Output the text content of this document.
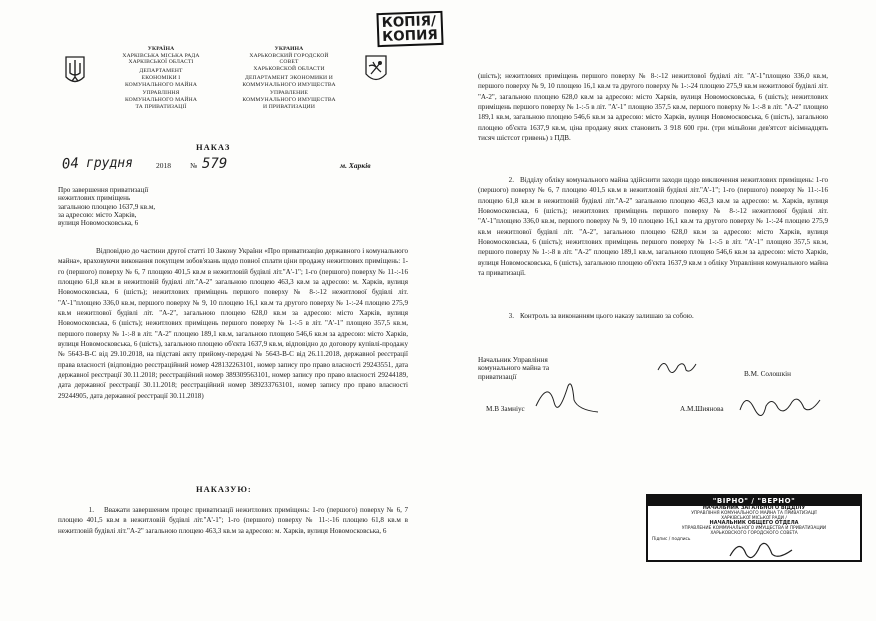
КОПІЯ/
КОПИЯ
УКРАЇНА
ХАРКІВСЬКА МІСЬКА РАДА
ХАРКІВСЬКОЇ ОБЛАСТІ
ДЕПАРТАМЕНТ
ЕКОНОМІКИ І
КОМУНАЛЬНОГО МАЙНА
УПРАВЛІННЯ
КОМУНАЛЬНОГО МАЙНА
ТА ПРИВАТИЗАЦІЇ
УКРАИНА
ХАРЬКОВСКИЙ ГОРОДСКОЙ
СОВЕТ
ХАРЬКОВСКОЙ ОБЛАСТИ
ДЕПАРТАМЕНТ ЭКОНОМИКИ И
КОММУНАЛЬНОГО ИМУЩЕСТВА
УПРАВЛЕНИЕ
КОММУНАЛЬНОГО ИМУЩЕСТВА
И ПРИВАТИЗАЦИИ
НАКАЗ
04 грудня	2018	№ 579	м. Харків
Про завершення приватизації
нежитлових приміщень
загальною площею 1637,9 кв.м,
за адресою: місто Харків,
вулиця Новомосковська, 6
Відповідно до частини другої статті 10 Закону України «Про приватизацію державного і комунального майна», враховуючи виконання покупцем зобов'язань щодо повної сплати ціни продажу нежитлових приміщень: 1-го (першого) поверху № 6, 7 площею 401,5 кв.м в нежитловій будівлі літ."А'-1"; 1-го (першого) поверху № 11-:-16 площею 61,8 кв.м в нежитловій будівлі літ."А-2" загальною площею 463,3 кв.м за адресою: м. Харків, вулиця Новомосковська, 6 (шість); нежитлових приміщень першого поверху № 8-:-12 нежитлової будівлі літ. "А'-1"площею 336,0 кв.м, першого поверху № 9, 10 площею 16,1 кв.м та другого поверху № 1-:-24 площею 275,9 кв.м нежитлової будівлі літ. "А-2", загальною площею 628,0 кв.м за адресою: місто Харків, вулиця Новомосковська, 6 (шість); нежитлових приміщень першого поверху № 1-:-5 в літ. "А'-1" площею 357,5 кв.м, першого поверху № 1-:-8 в літ. "А-2" площею 189,1 кв.м, загальною площею 546,6 кв.м за адресою: місто Харків, вулиця Новомосковська, 6 (шість), загальною площею об'єкта 1637,9 кв.м, відповідно до договору купівлі-продажу № 5643-В-С від 29.10.2018, на підставі акту прийому-передачі № 5643-В-С від 26.11.2018, державної реєстрації права власності (відповідно реєстраційний номер 428132263101, номер запису про право власності 29243551, дата державної реєстрації 30.11.2018; реєстраційний номер 389309563101, номер запису про право власності 29244189, дата державної реєстрації 30.11.2018; реєстраційний номер 389233763101, номер запису про право власності 29244905, дата державної реєстрації 30.11.2018)
НАКАЗУЮ:
1. Вважати завершеним процес приватизації нежитлових приміщень: 1-го (першого) поверху № 6, 7 площею 401,5 кв.м в нежитловій будівлі літ."А'-1"; 1-го (першого) поверху № 11-:-16 площею 61,8 кв.м в нежитловій будівлі літ."А-2" загальною площею 463,3 кв.м за адресою: м. Харків, вулиця Новомосковська, 6
(шість); нежитлових приміщень першого поверху № 8-:-12 нежитлової будівлі літ. "А'-1"площею 336,0 кв.м, першого поверху № 9, 10 площею 16,1 кв.м та другого поверху № 1-:-24 площею 275,9 кв.м нежитлової будівлі літ. "А-2", загальною площею 628,0 кв.м за адресою: місто Харків, вулиця Новомосковська, 6 (шість); нежитлових приміщень першого поверху № 1-:-5 в літ. "А'-1" площею 357,5 кв.м, першого поверху № 1-:-8 в літ. "А-2" площею 189,1 кв.м, загальною площею 546,6 кв.м за адресою: місто Харків, вулиця Новомосковська, 6 (шість), загальною площею об'єкта 1637,9 кв.м, ціна продажу яких становить 3 918 600 грн. (три мільйони дев'ятсот вісімнадцять тисяч шістсот гривень) з ПДВ.
2. Відділу обліку комунального майна здійснити заходи щодо виключення нежитлових приміщень: 1-го (першого) поверху № 6, 7 площею 401,5 кв.м в нежитловій будівлі літ."А'-1"; 1-го (першого) поверху № 11-:-16 площею 61,8 кв.м в нежитловій будівлі літ."А-2" загальною площею 463,3 кв.м за адресою: м. Харків, вулиця Новомосковська, 6 (шість); нежитлових приміщень першого поверху № 8-:-12 нежитлової будівлі літ. "А'-1"площею 336,0 кв.м, першого поверху № 9, 10 площею 16,1 кв.м та другого поверху № 1-:-24 площею 275,9 кв.м нежитлової будівлі літ. "А-2", загальною площею 628,0 кв.м за адресою: місто Харків, вулиця Новомосковська, 6 (шість); нежитлових приміщень першого поверху № 1-:-5 в літ. "А'-1" площею 357,5 кв.м, першого поверху № 1-:-8 в літ. "А-2" площею 189,1 кв.м, загальною площею 546,6 кв.м за адресою: місто Харків, вулиця Новомосковська, 6 (шість), загальною площею об'єкта 1637,9 кв.м з обліку Управління комунального майна та приватизації.
3. Контроль за виконанням цього наказу залишаю за собою.
Начальник Управління
комунального майна та
приватизації	В.М. Солошкін
М.В Замніус	А.М.Шиянова
"ВІРНО" / "ВЕРНО"
НАЧАЛЬНИК ЗАГАЛЬНОГО ВІДДІЛУ
УПРАВЛІННЯ КОМУНАЛЬНОГО МАЙНА ТА ПРИВАТИЗАЦІЇ
ХАРКІВСЬКОЇ МІСЬКОЇ РАДИ /
НАЧАЛЬНИК ОБЩЕГО ОТДЕЛА
УПРАВЛЕНИЕ КОММУНАЛЬНОГО ИМУЩЕСТВА И ПРИВАТИЗАЦИИ
ХАРЬКОВСКОГО ГОРОДСКОГО СОВЕТА
Підпис / подпись
